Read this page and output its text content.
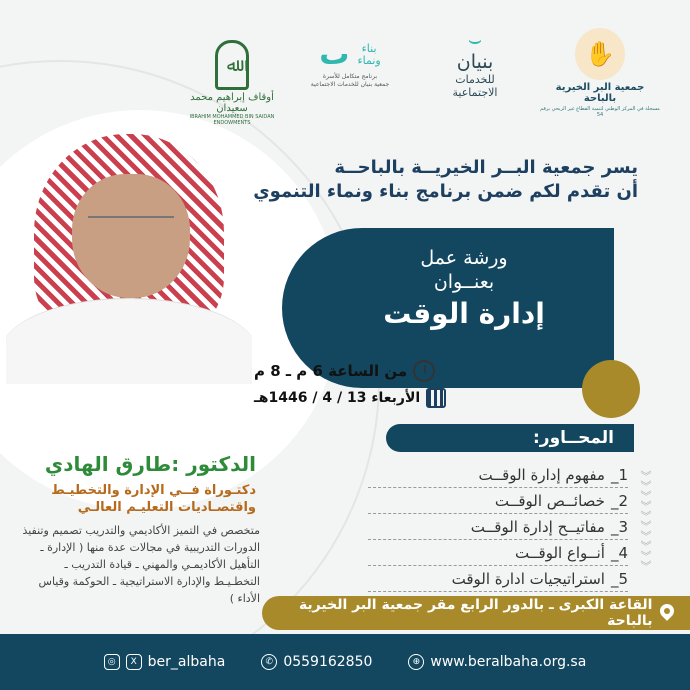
ﷲ
أوقاف إبراهيم محمد سعيدان
IBRAHIM MOHAMMED BIN SAIDAN ENDOWMENTS
ٮ	بناء
ونماء
برنامج متكامل للأسرة
جمعية بنيان للخدمات الاجتماعية
⌣
بنيان
للخدمات
الاجتماعية
✋
جمعية البر الخيرية بالباحة
مسجلة في المركز الوطني لتنمية القطاع غير الربحي برقم 54
يسر جمعية البــر الخيريــة بالباحــة
أن تقدم لكم ضمن برنامج بناء ونماء التنموي
ورشة عمل
بعنــوان
إدارة الوقت
من الساعة 6 م ـ 8 م
الأربعاء 13 / 4 / 1446هـ
المحــاور:
1_
مفهوم إدارة الوقــت
2_
خصائــص الوقــت
3_
مفاتيــح إدارة الوقــت
4_
أنــواع الوقــت
5_
استراتيجيات ادارة الوقت
︾
︾
︾
︾
︾
︾
︾
︾
︾
︾
الدكتور :طارق الهادي
دكتـوراة فــي الإدارة والتخطيـط واقتصـاديات التعليـم العالـي
متخصص في التميز الأكاديمي والتدريب تصميم وتنفيذ الدورات التدريبية في مجالات عدة منها ( الإدارة ـ التأهيل الأكاديمـي والمهني ـ قيادة التدريب ـ التخطـيـط والإدارة الاستراتيجية ـ الحوكمة وقياس الأداء )	القاعة الكبرى ـ بالدور الرابع مقر جمعية البر الخيرية بالباحة
◎	X ber_albaha	✆ 0559162850	⊕ www.beralbaha.org.sa
